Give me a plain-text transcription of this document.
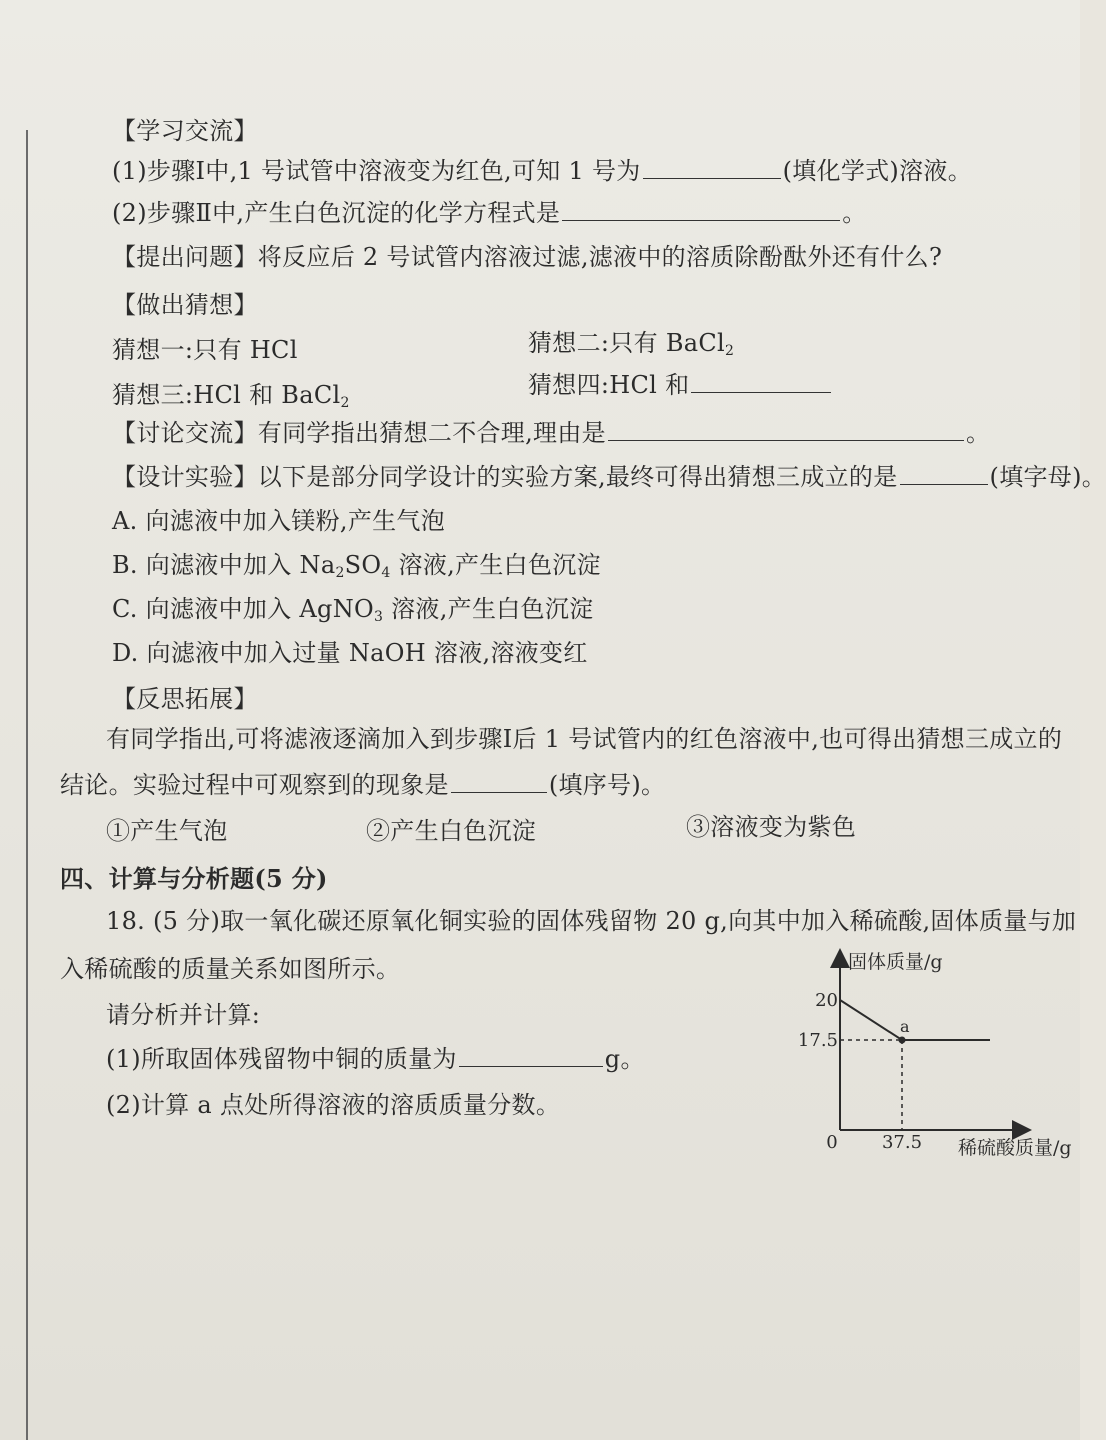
【学习交流】
(1)步骤Ⅰ中,1 号试管中溶液变为红色,可知 1 号为	(填化学式)溶液。
(2)步骤Ⅱ中,产生白色沉淀的化学方程式是	。
【提出问题】将反应后 2 号试管内溶液过滤,滤液中的溶质除酚酞外还有什么?
【做出猜想】
猜想一:只有 HCl	猜想二:只有 BaCl$_2$
猜想三:HCl 和 BaCl$_2$
猜想四:HCl 和
【讨论交流】有同学指出猜想二不合理,理由是	。
【设计实验】以下是部分同学设计的实验方案,最终可得出猜想三成立的是	(填字母)。
A. 向滤液中加入镁粉,产生气泡
B. 向滤液中加入 $Na_2SO_4$ 溶液,产生白色沉淀
C. 向滤液中加入 AgNO$_3$ 溶液,产生白色沉淀
D. 向滤液中加入过量 NaOH 溶液,溶液变红
【反思拓展】
有同学指出,可将滤液逐滴加入到步骤Ⅰ后 1 号试管内的红色溶液中,也可得出猜想三成立的
结论。实验过程中可观察到的现象是	(填序号)。
①产生气泡	②产生白色沉淀	③溶液变为紫色
四、计算与分析题(5 分)
18. (5 分)取一氧化碳还原氧化铜实验的固体残留物 20 g,向其中加入稀硫酸,固体质量与加
入稀硫酸的质量关系如图所示。
请分析并计算:
(1)所取固体残留物中铜的质量为	g。
(2)计算 a 点处所得溶液的溶质质量分数。
固体质量/g
稀硫酸质量/g
0 37.5
20
17.5
a
